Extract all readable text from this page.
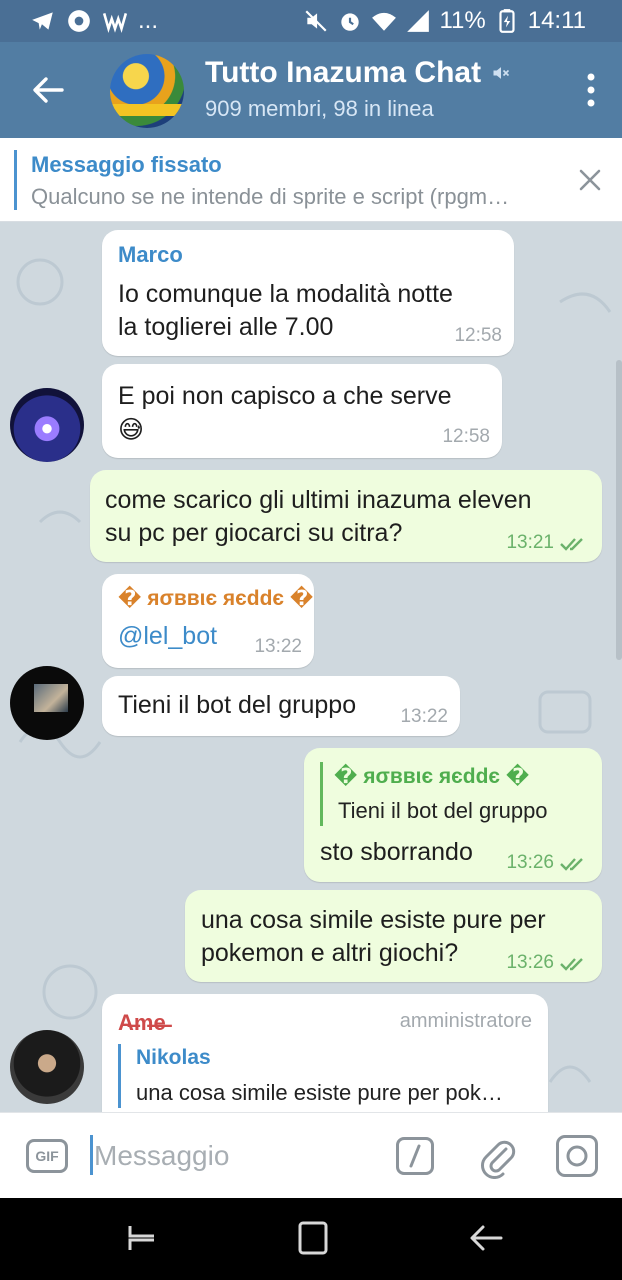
...	11% 14:11
Tutto Inazuma Chat
909 membri, 98 in linea
Messaggio fissato
Qualcuno se ne intende di sprite e script (rpgm…
Marco
Io comunque la modalità notte
la toglierei alle 7.00	12:58
E poi non capisco a che serve
😅	12:58
come scarico gli ultimi inazuma eleven
su pc per giocarci su citra?	13:21
� яσввιє яєddє �
@lel_bot 13:22
Tieni il bot del gruppo 13:22
� яσввιє яєddє �
Tieni il bot del gruppo
sto sborrando 13:26
una cosa simile esiste pure per
pokemon e altri giochi?	13:26
A̶m̶e̶	amministratore
Nikolas
una cosa simile esiste pure per pok…
GIF
Messaggio
